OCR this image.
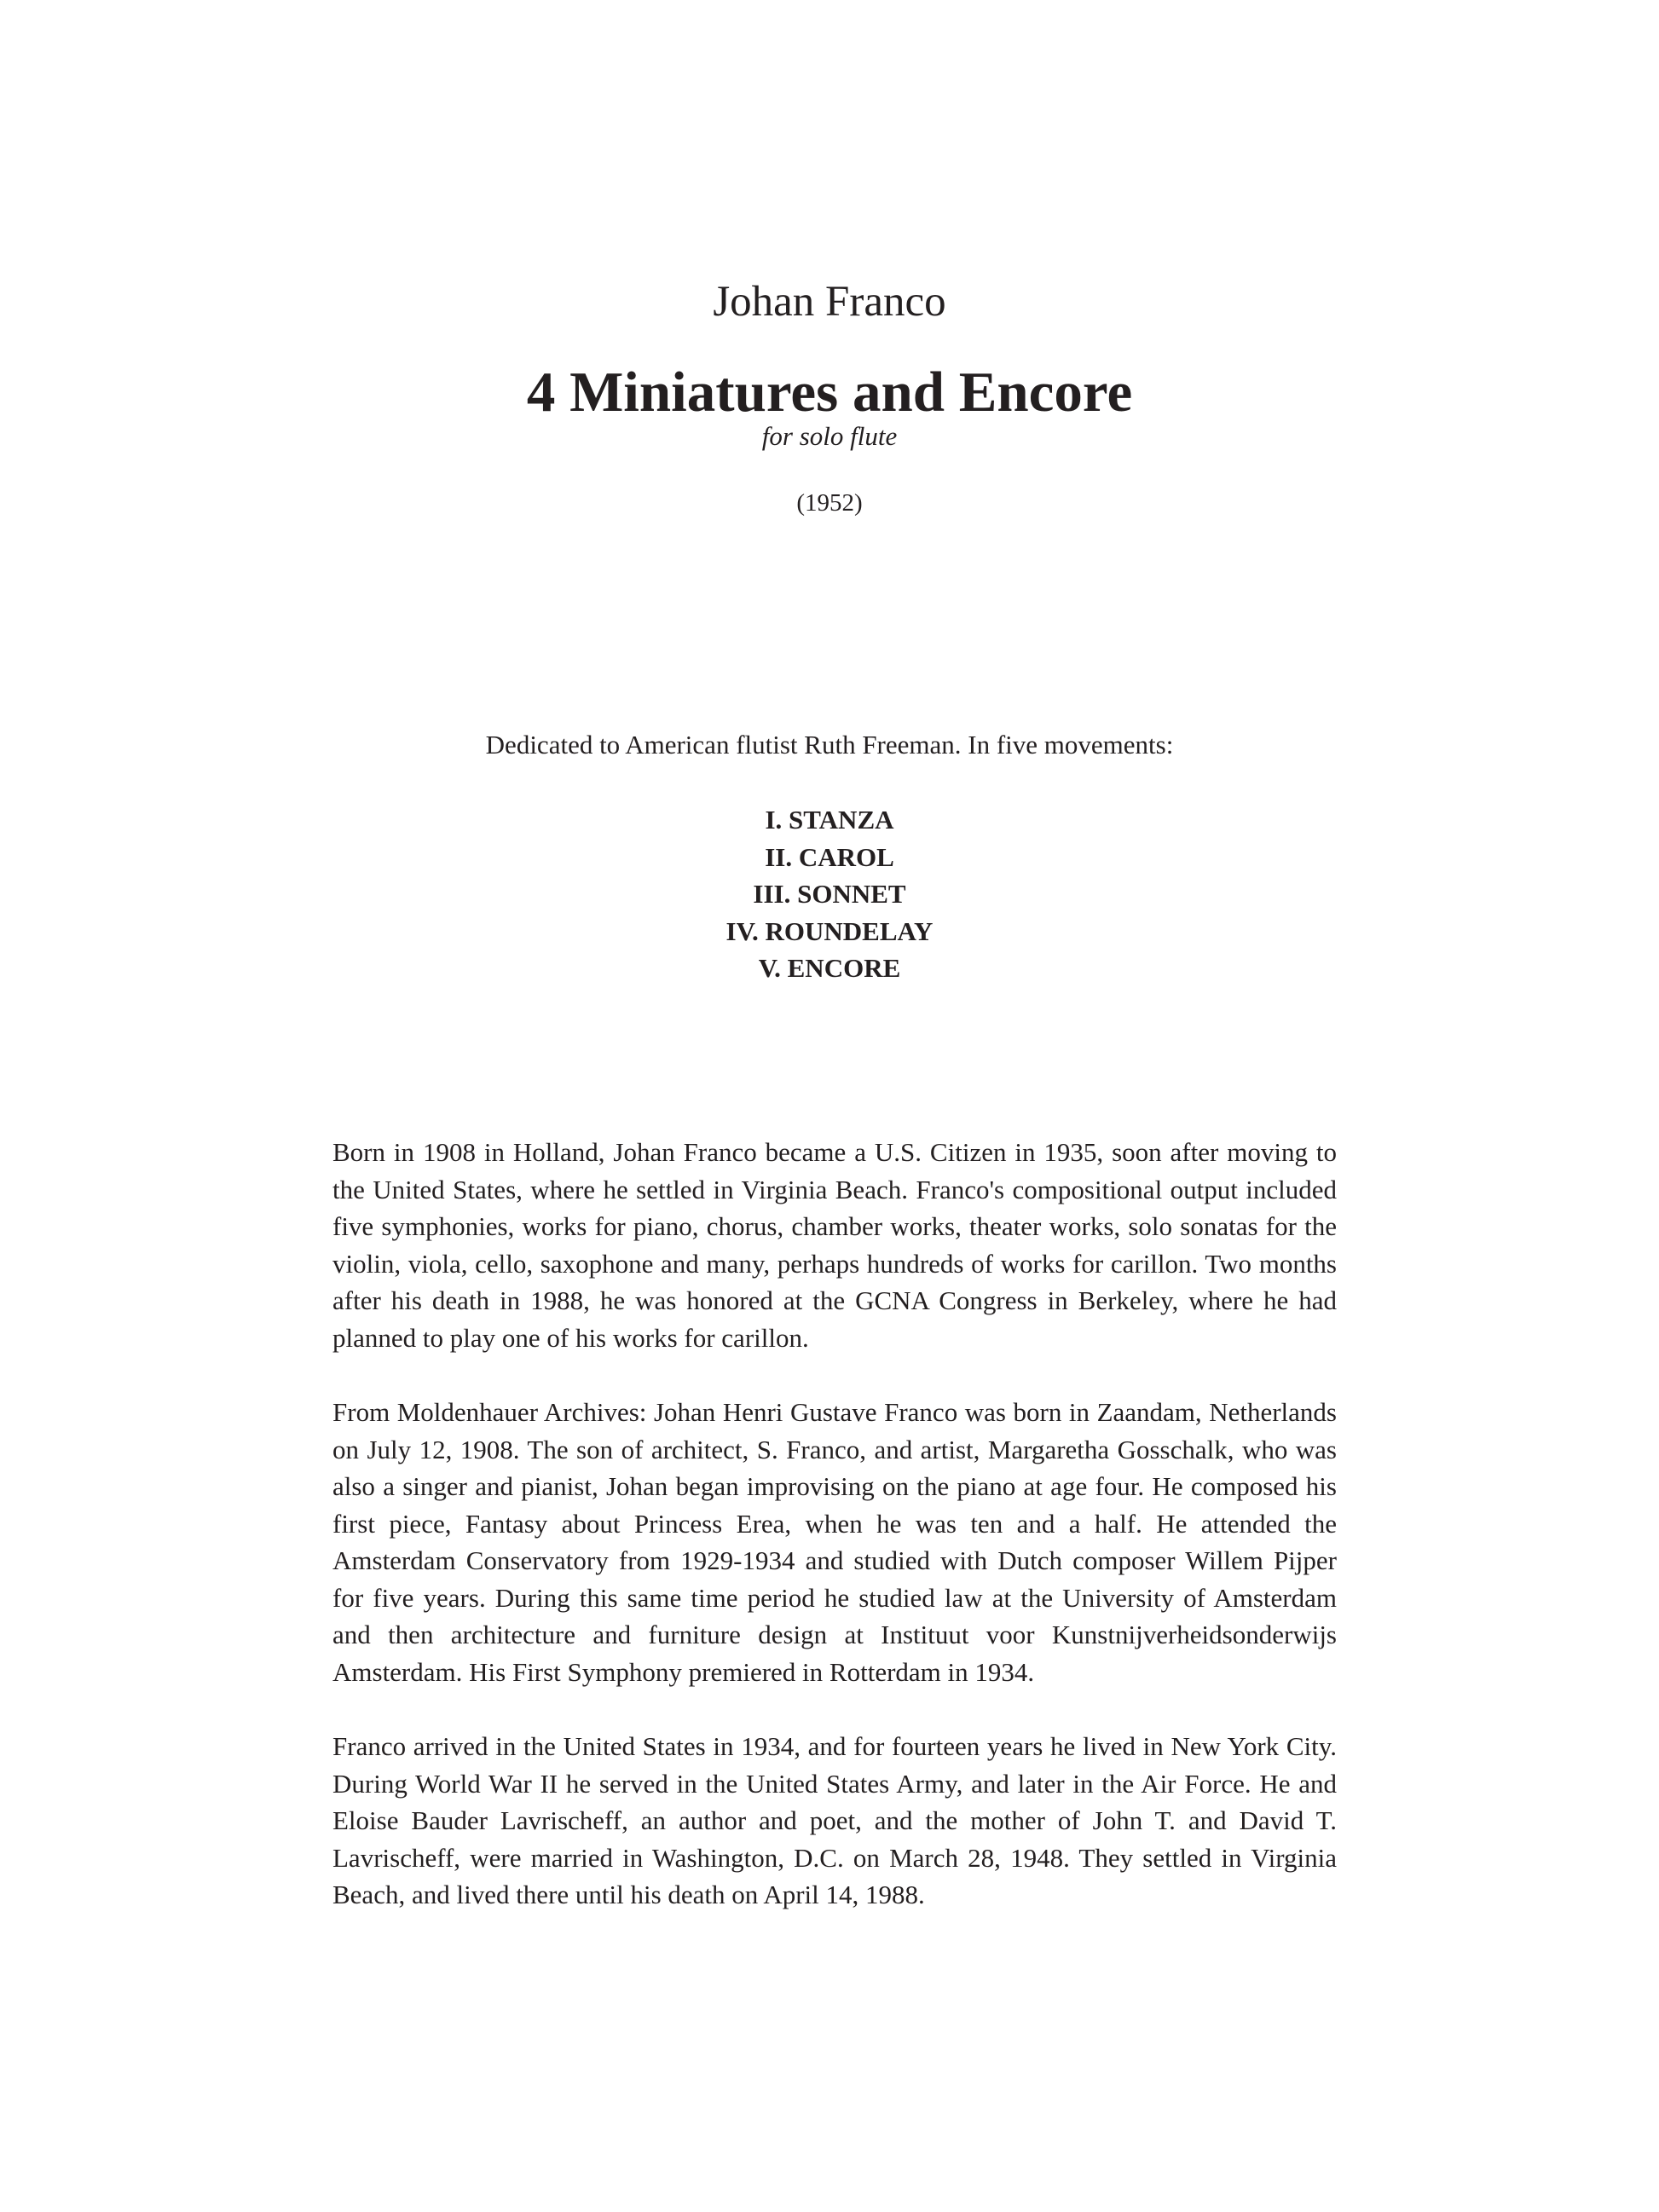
Johan Franco
4 Miniatures and Encore
for solo flute
(1952)
Dedicated to American flutist Ruth Freeman. In five movements:
I. STANZA
II. CAROL
III. SONNET
IV. ROUNDELAY
V. ENCORE

Born in 1908 in Holland, Johan Franco became a U.S. Citizen in 1935, soon after moving to the United States, where he settled in Virginia Beach. Franco's compositional output included five symphonies, works for piano, chorus, chamber works, theater works, solo sonatas for the violin, viola, cello, saxophone and many, perhaps hundreds of works for carillon. Two months after his death in 1988, he was honored at the GCNA Congress in Berkeley, where he had planned to play one of his works for carillon.

From Moldenhauer Archives: Johan Henri Gustave Franco was born in Zaandam, Netherlands on July 12, 1908. The son of architect, S. Franco, and artist, Margaretha Gosschalk, who was also a singer and pianist, Johan began improvising on the piano at age four. He composed his first piece, Fantasy about Princess Erea, when he was ten and a half. He attended the Amsterdam Conservatory from 1929-1934 and studied with Dutch composer Willem Pijper for five years. During this same time period he studied law at the University of Amsterdam and then architecture and furniture design at Instituut voor Kunstnijverheidsonderwijs Amsterdam. His First Symphony premiered in Rotterdam in 1934.

Franco arrived in the United States in 1934, and for fourteen years he lived in New York City. During World War II he served in the United States Army, and later in the Air Force. He and Eloise Bauder Lavrischeff, an author and poet, and the mother of John T. and David T. Lavrischeff, were married in Washington, D.C. on March 28, 1948. They settled in Virginia Beach, and lived there until his death on April 14, 1988.
